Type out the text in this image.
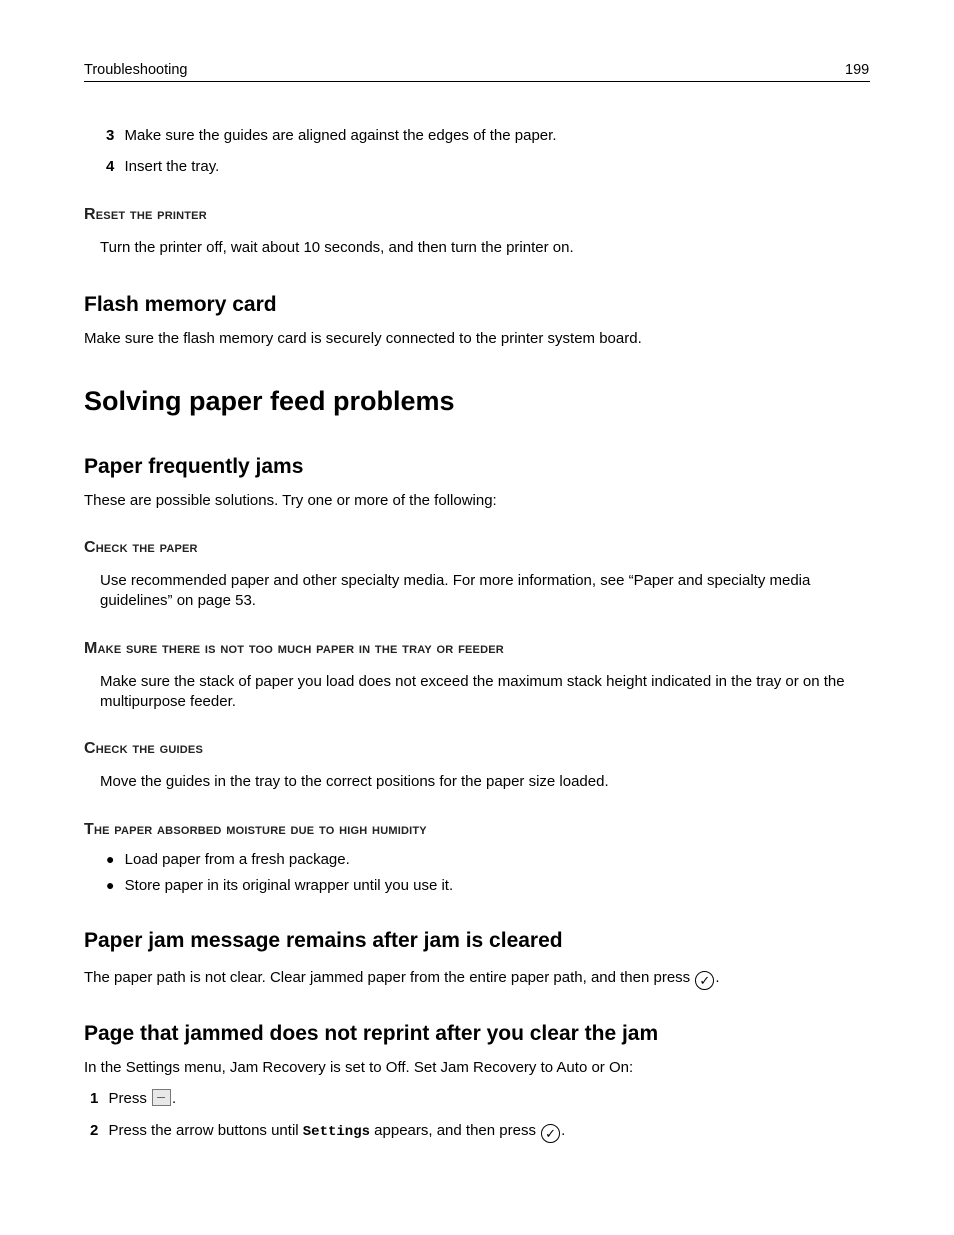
Troubleshooting	199
3 Make sure the guides are aligned against the edges of the paper.
4 Insert the tray.
Reset the printer
Turn the printer off, wait about 10 seconds, and then turn the printer on.
Flash memory card
Make sure the flash memory card is securely connected to the printer system board.
Solving paper feed problems
Paper frequently jams
These are possible solutions. Try one or more of the following:
Check the paper
Use recommended paper and other specialty media. For more information, see “Paper and specialty media
guidelines” on page 53.
Make sure there is not too much paper in the tray or feeder
Make sure the stack of paper you load does not exceed the maximum stack height indicated in the tray or on the
multipurpose feeder.
Check the guides
Move the guides in the tray to the correct positions for the paper size loaded.
The paper absorbed moisture due to high humidity
● Load paper from a fresh package.
● Store paper in its original wrapper until you use it.
Paper jam message remains after jam is cleared
The paper path is not clear. Clear jammed paper from the entire paper path, and then press ✓ .
Page that jammed does not reprint after you clear the jam
In the Settings menu, Jam Recovery is set to Off. Set Jam Recovery to Auto or On:
1 Press .
2 Press the arrow buttons until Settings appears, and then press ✓ .
